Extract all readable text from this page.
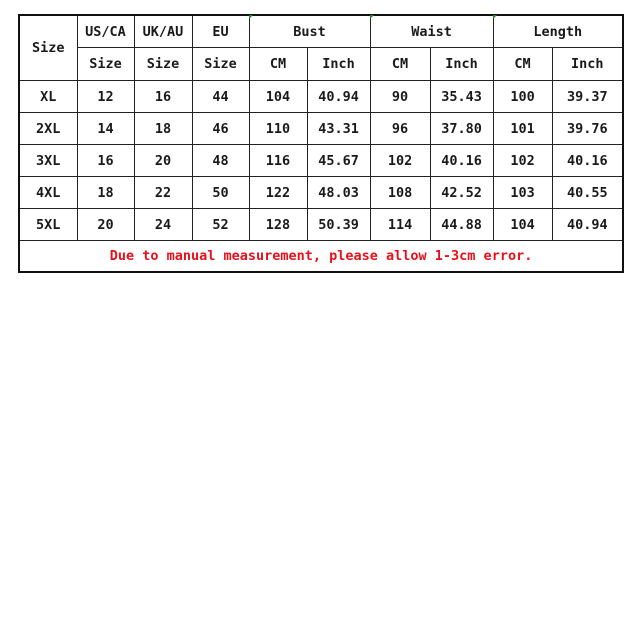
Size	US/CA	UK/AU	EU	Bust		Waist		Length	
	Size	Size	Size	CM	Inch	CM	Inch	CM	Inch
XL	12	16	44	104	40.94	90	35.43	100	39.37
2XL	14	18	46	110	43.31	96	37.80	101	39.76
3XL	16	20	48	116	45.67	102	40.16	102	40.16
4XL	18	22	50	122	48.03	108	42.52	103	40.55
5XL	20	24	52	128	50.39	114	44.88	104	40.94
Due to manual measurement, please allow 1-3cm error.									
